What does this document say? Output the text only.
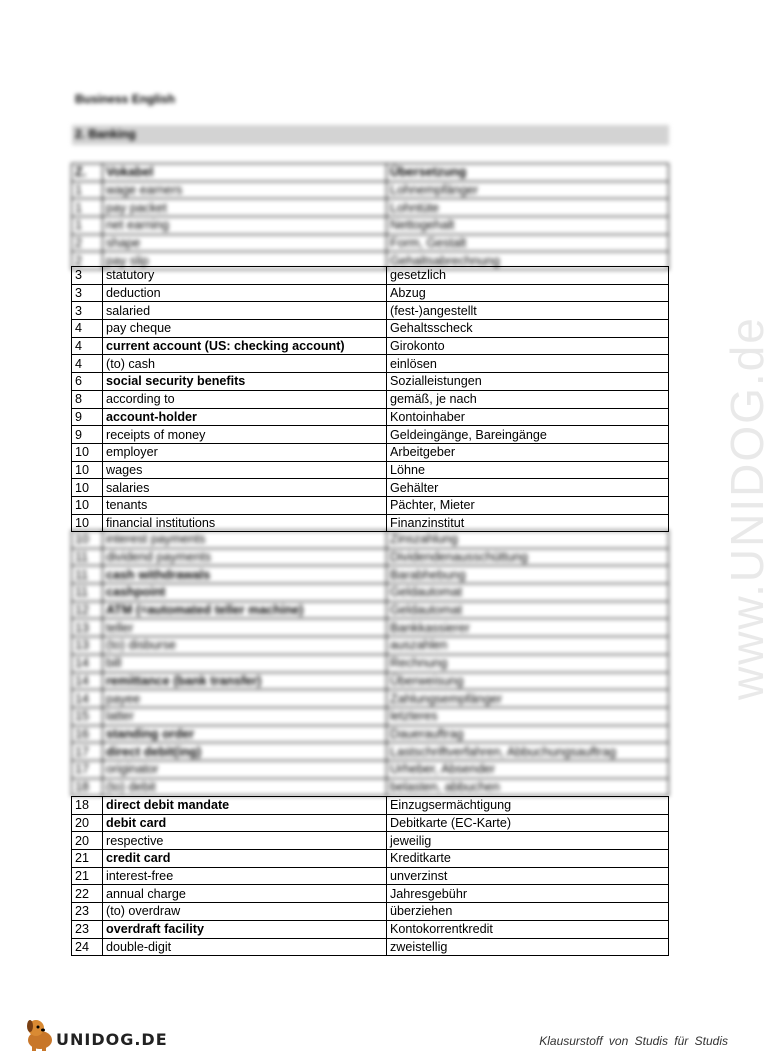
Business English
2. Banking
Z.	Vokabel	Übersetzung
1	wage earners	Lohnempfänger
1	pay packet	Lohntüte
1	net earning	Nettogehalt
2	shape	Form, Gestalt
2	pay slip	Gehaltsabrechnung
3	statutory	gesetzlich
3	deduction	Abzug
3	salaried	(fest-)angestellt
4	pay cheque	Gehaltsscheck
4	current account (US: checking account)	Girokonto
4	(to) cash	einlösen
6	social security benefits	Sozialleistungen
8	according to	gemäß, je nach
9	account-holder	Kontoinhaber
9	receipts of money	Geldeingänge, Bareingänge
10	employer	Arbeitgeber
10	wages	Löhne
10	salaries	Gehälter
10	tenants	Pächter, Mieter
10	financial institutions	Finanzinstitut
10	interest payments	Zinszahlung
11	dividend payments	Dividendenausschüttung
11	cash withdrawals	Barabhebung
11	cashpoint	Geldautomat
12	ATM (=automated teller machine)	Geldautomat
13	teller	Bankkassierer
13	(to) disburse	auszahlen
14	bill	Rechnung
14	remittance (bank transfer)	Überweisung
14	payee	Zahlungsempfänger
15	latter	letzteres
16	standing order	Dauerauftrag
17	direct debit(ing)	Lastschriftverfahren, Abbuchungsauftrag
17	originator	Urheber, Absender
18	(to) debit	belasten, abbuchen
18	direct debit mandate	Einzugsermächtigung
20	debit card	Debitkarte (EC-Karte)
20	respective	jeweilig
21	credit card	Kreditkarte
21	interest-free	unverzinst
22	annual charge	Jahresgebühr
23	(to) overdraw	überziehen
23	overdraft facility	Kontokorrentkredit
24	double-digit	zweistellig
www.UNIDOG.de
UNIDOG.DE	Klausurstoff von Studis für Studis
